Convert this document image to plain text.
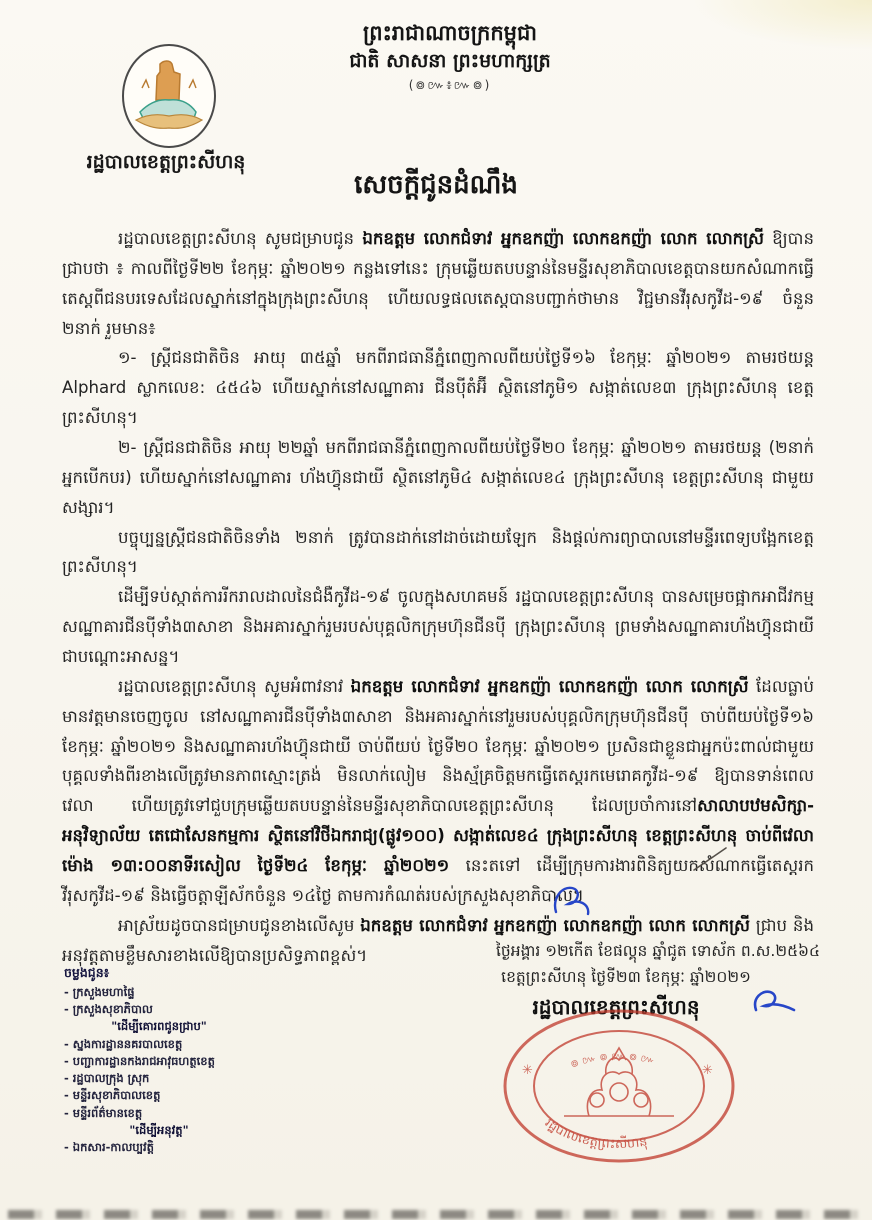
រដ្ឋបាលខេត្តព្រះសីហនុ
ព្រះរាជាណាចក្រកម្ពុជា
ជាតិ សាសនា ព្រះមហាក្សត្រ
(៙៚៖៚៙)
សេចក្តីជូនដំណឹង

រដ្ឋបាលខេត្តព្រះសីហនុ សូមជម្រាបជូន ឯកឧត្តម លោកជំទាវ អ្នកឧកញ៉ា លោកឧកញ៉ា លោក លោកស្រី ឱ្យបានជ្រាបថា ៖ កាលពីថ្ងៃទី២២ ខែកុម្ភៈ ឆ្នាំ២០២១ កន្លងទៅនេះ ក្រុមឆ្លើយតបបន្ទាន់នៃមន្ទីរសុខាភិបាលខេត្តបានយកសំណាកធ្វើតេស្តពីជនបរទេសដែលស្នាក់នៅក្នុងក្រុងព្រះសីហនុ ហើយលទ្ធផលតេស្តបានបញ្ជាក់ថាមាន វិជ្ជមានវីរុសកូវីដ-១៩ ចំនួន ២នាក់ រួមមាន៖

១- ស្ត្រីជនជាតិចិន អាយុ ៣៥ឆ្នាំ មកពីរាជធានីភ្នំពេញកាលពីយប់ថ្ងៃទី១៦ ខែកុម្ភៈ ឆ្នាំ២០២១ តាមរថយន្ត Alphard ស្លាកលេខ: ៤៥៤៦ ហើយស្នាក់នៅសណ្ឋាគារ ជីនប៉ីតំអ៊ី ស្ថិតនៅភូមិ១ សង្កាត់លេខ៣ ក្រុងព្រះសីហនុ ខេត្តព្រះសីហនុ។

២- ស្ត្រីជនជាតិចិន អាយុ ២២ឆ្នាំ មកពីរាជធានីភ្នំពេញកាលពីយប់ថ្ងៃទី២០ ខែកុម្ភៈ ឆ្នាំ២០២១ តាមរថយន្ត (២នាក់ អ្នកបើកបរ) ហើយស្នាក់នៅសណ្ឋាគារ ហ័ងហ៊្វុនជាយី ស្ថិតនៅភូមិ៤ សង្កាត់លេខ៤ ក្រុងព្រះសីហនុ ខេត្តព្រះសីហនុ ជាមួយសង្សារ។

បច្ចុប្បន្នស្ត្រីជនជាតិចិនទាំង ២នាក់ ត្រូវបានដាក់នៅដាច់ដោយឡែក និងផ្តល់ការព្យាបាលនៅមន្ទីរពេទ្យបង្អែកខេត្តព្រះសីហនុ។

ដើម្បីទប់ស្កាត់ការរីករាលដាលនៃជំងឺកូវីដ-១៩ ចូលក្នុងសហគមន៍ រដ្ឋបាលខេត្តព្រះសីហនុ បានសម្រេចផ្អាកអាជីវកម្មសណ្ឋាគារជីនប៉ីទាំង៣សាខា និងអគារស្នាក់រួមរបស់បុគ្គលិកក្រុមហ៊ុនជីនប៉ី ក្រុងព្រះសីហនុ ព្រមទាំងសណ្ឋាគារហ័ងហ៊្វុនជាយី ជាបណ្តោះអាសន្ន។

រដ្ឋបាលខេត្តព្រះសីហនុ សូមអំពាវនាវ ឯកឧត្តម លោកជំទាវ អ្នកឧកញ៉ា លោកឧកញ៉ា លោក លោកស្រី ដែលធ្លាប់មានវត្តមានចេញចូល នៅសណ្ឋាគារជីនប៉ីទាំង៣សាខា និងអគារស្នាក់នៅរួមរបស់បុគ្គលិកក្រុមហ៊ុនជីនប៉ី ចាប់ពីយប់ថ្ងៃទី១៦ ខែកុម្ភៈ ឆ្នាំ២០២១ និងសណ្ឋាគារហ័ងហ៊្វុនជាយី ចាប់ពីយប់ ថ្ងៃទី២០ ខែកុម្ភៈ ឆ្នាំ២០២១ ប្រសិនជាខ្លួនជាអ្នកប៉ះពាល់ជាមួយបុគ្គលទាំងពីរខាងលើត្រូវមានភាពស្មោះត្រង់ មិនលាក់លៀម និងស្ម័គ្រចិត្តមកធ្វើតេស្តរកមេរោគកូវីដ-១៩ ឱ្យបានទាន់ពេលវេលា ហើយត្រូវទៅជួបក្រុមឆ្លើយតបបន្ទាន់នៃមន្ទីរសុខាភិបាលខេត្តព្រះសីហនុ ដែលប្រចាំការនៅសាលាបឋមសិក្សា-អនុវិទ្យាល័យ តេជោសែនកម្មការ ស្ថិតនៅវិថីឯករាជ្យ(ផ្លូវ១០០) សង្កាត់លេខ៤ ក្រុងព្រះសីហនុ ខេត្តព្រះសីហនុ ចាប់ពីវេលាម៉ោង ១៣:០០នាទីរសៀល ថ្ងៃទី២៤ ខែកុម្ភៈ ឆ្នាំ២០២១ នេះតទៅ ដើម្បីក្រុមការងារពិនិត្យយកសំណាកធ្វើតេស្តរកវីរុសកូវីដ-១៩ និងធ្វើចត្តាឡីស័កចំនួន ១៤ថ្ងៃ តាមការកំណត់របស់ក្រសួងសុខាភិបាល។

អាស្រ័យដូចបានជម្រាបជូនខាងលើសូម ឯកឧត្តម លោកជំទាវ អ្នកឧកញ៉ា លោកឧកញ៉ា លោក លោកស្រី ជ្រាប និងអនុវត្តតាមខ្លឹមសារខាងលើឱ្យបានប្រសិទ្ធភាពខ្ពស់។	ថ្ងៃអង្គារ ១២កើត ខែផល្គុន ឆ្នាំជូត ទោស័ក ព.ស.២៥៦៤
ខេត្តព្រះសីហនុ ថ្ងៃទី២៣ ខែកុម្ភៈ ឆ្នាំ២០២១
រដ្ឋបាលខេត្តព្រះសីហនុ
✳	✳
រដ្ឋបាលខេត្តព្រះសីហនុ
៙ ៚ ៙ ៚ ៙ ៚
ចម្លងជូន៖
- ក្រសួងមហាផ្ទៃ
- ក្រសួងសុខាភិបាល
"ដើម្បីគោរពជូនជ្រាប"
- ស្នងការដ្ឋាននគរបាលខេត្ត
- បញ្ជាការដ្ឋានកងរាជអាវុធហត្ថខេត្ត
- រដ្ឋបាលក្រុង ស្រុក
- មន្ទីរសុខាភិបាលខេត្ត
- មន្ទីរព័ត៌មានខេត្ត
"ដើម្បីអនុវត្ត"
- ឯកសារ-កាលប្បវត្តិ
